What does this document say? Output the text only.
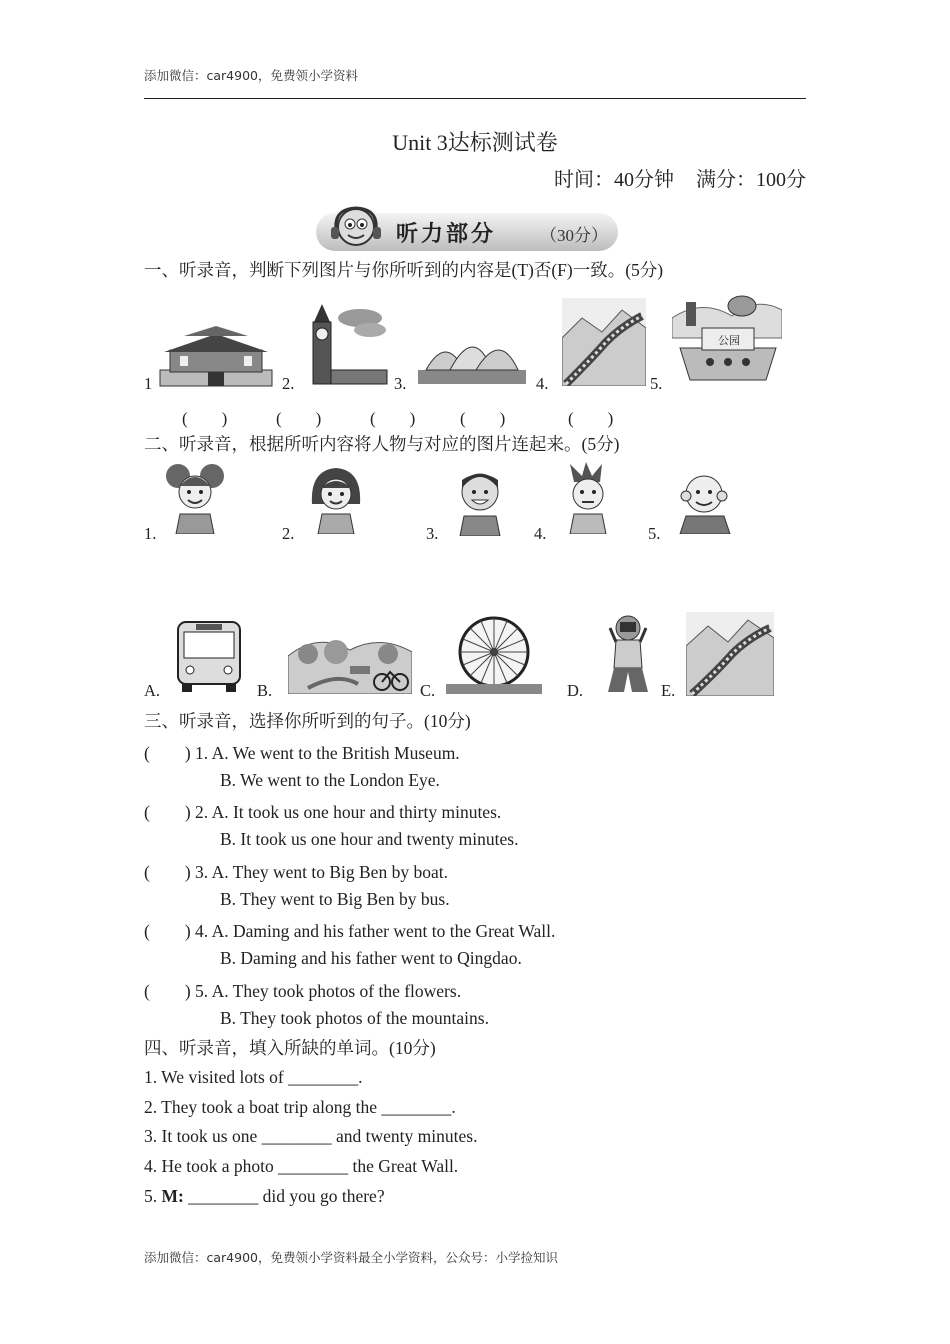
添加微信：car4900，免费领小学资料
Unit 3达标测试卷
时间：40分钟 满分：100分
听力部分	（30分）
一、听录音，判断下列图片与你所听到的内容是(T)否(F)一致。(5分)
1	2.	3.	4.	5.
公园
(　　)	(　　)	(　　)	(　　)	(　　)
二、听录音，根据所听内容将人物与对应的图片连起来。(5分)
1.	2.	3.	4.	5.
A.	B.	C.	D.	E.
三、听录音，选择你所听到的句子。(10分)
(　　) 1. A. We went to the British Museum.
B. We went to the London Eye.
(　　) 2. A. It took us one hour and thirty minutes.
B. It took us one hour and twenty minutes.
(　　) 3. A. They went to Big Ben by boat.
B. They went to Big Ben by bus.
(　　) 4. A. Daming and his father went to the Great Wall.
B. Daming and his father went to Qingdao.
(　　) 5. A. They took photos of the flowers.
B. They took photos of the mountains.
四、听录音，填入所缺的单词。(10分)
1. We visited lots of ________.
2. They took a boat trip along the ________.
3. It took us one ________ and twenty minutes.
4. He took a photo ________ the Great Wall.
5. M: ________ did you go there?
添加微信：car4900，免费领小学资料最全小学资料，公众号：小学捡知识
